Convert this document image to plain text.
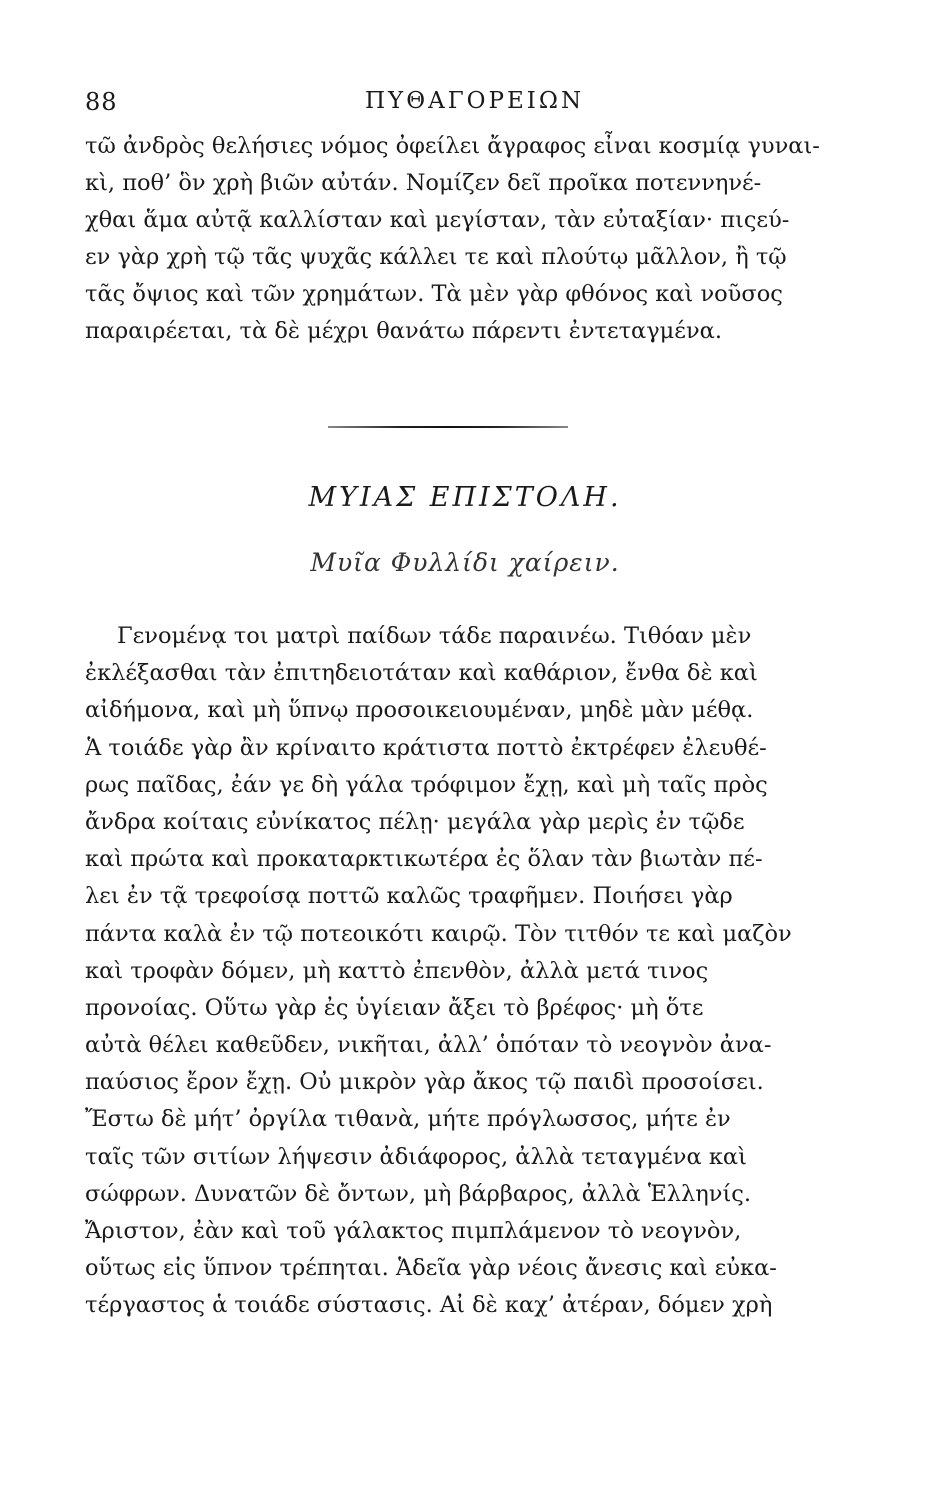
88	ΠΥΘΑΓΟΡΕΙΩΝ
τῶ ἀνδρὸς θελήσιες νόμος ὀφείλει ἄγραφος εἶναι κοσμίᾳ γυναι-
κὶ, ποθ’ ὃν χρὴ βιῶν αὐτάν. Νομίζεν δεῖ προῖκα ποτεννηνέ-
χθαι ἅμα αὐτᾷ καλλίσταν καὶ μεγίσταν, τὰν εὐταξίαν· πιςεύ-
εν γὰρ χρὴ τῷ τᾶς ψυχᾶς κάλλει τε καὶ πλούτῳ μᾶλλον, ἢ τῷ
τᾶς ὄψιος καὶ τῶν χρημάτων. Τὰ μὲν γὰρ φθόνος καὶ νοῦσος
παραιρέεται, τὰ δὲ μέχρι θανάτω πάρεντι ἐντεταγμένα.
ΜΥΙΑΣ ΕΠΙΣΤΟΛΗ.
Μυῖα Φυλλίδι χαίρειν.
Γενομένᾳ τοι ματρὶ παίδων τάδε παραινέω. Τιθόαν μὲν
ἐκλέξασθαι τὰν ἐπιτηδειοτάταν καὶ καθάριον, ἔνθα δὲ καὶ
αἰδήμονα, καὶ μὴ ὕπνῳ προσοικειουμέναν, μηδὲ μὰν μέθᾳ.
Ἁ τοιάδε γὰρ ἂν κρίναιτο κράτιστα ποττὸ ἐκτρέφεν ἐλευθέ-
ρως παῖδας, ἐάν γε δὴ γάλα τρόφιμον ἔχῃ, καὶ μὴ ταῖς πρὸς
ἄνδρα κοίταις εὐνίκατος πέλῃ· μεγάλα γὰρ μερὶς ἐν τῷδε
καὶ πρώτα καὶ προκαταρκτικωτέρα ἐς ὅλαν τὰν βιωτὰν πέ-
λει ἐν τᾷ τρεφοίσᾳ ποττῶ καλῶς τραφῆμεν. Ποιήσει γὰρ
πάντα καλὰ ἐν τῷ ποτεοικότι καιρῷ. Τὸν τιτθόν τε καὶ μαζὸν
καὶ τροφὰν δόμεν, μὴ καττὸ ἐπενθὸν, ἀλλὰ μετά τινος
προνοίας. Οὕτω γὰρ ἐς ὑγίειαν ἄξει τὸ βρέφος· μὴ ὅτε
αὐτὰ θέλει καθεῦδεν, νικῆται, ἀλλ’ ὁπόταν τὸ νεογνὸν ἀνα-
παύσιος ἔρον ἔχῃ. Οὐ μικρὸν γὰρ ἄκος τῷ παιδὶ προσοίσει.
Ἔστω δὲ μήτ’ ὀργίλα τιθανὰ, μήτε πρόγλωσσος, μήτε ἐν
ταῖς τῶν σιτίων λήψεσιν ἀδιάφορος, ἀλλὰ τεταγμένα καὶ
σώφρων. Δυνατῶν δὲ ὄντων, μὴ βάρβαρος, ἀλλὰ Ἑλληνίς.
Ἄριστον, ἐὰν καὶ τοῦ γάλακτος πιμπλάμενον τὸ νεογνὸν,
οὕτως εἰς ὕπνον τρέπηται. Ἁδεῖα γὰρ νέοις ἄνεσις καὶ εὐκα-
τέργαστος ἁ τοιάδε σύστασις. Αἰ δὲ καχ’ ἀτέραν, δόμεν χρὴ
